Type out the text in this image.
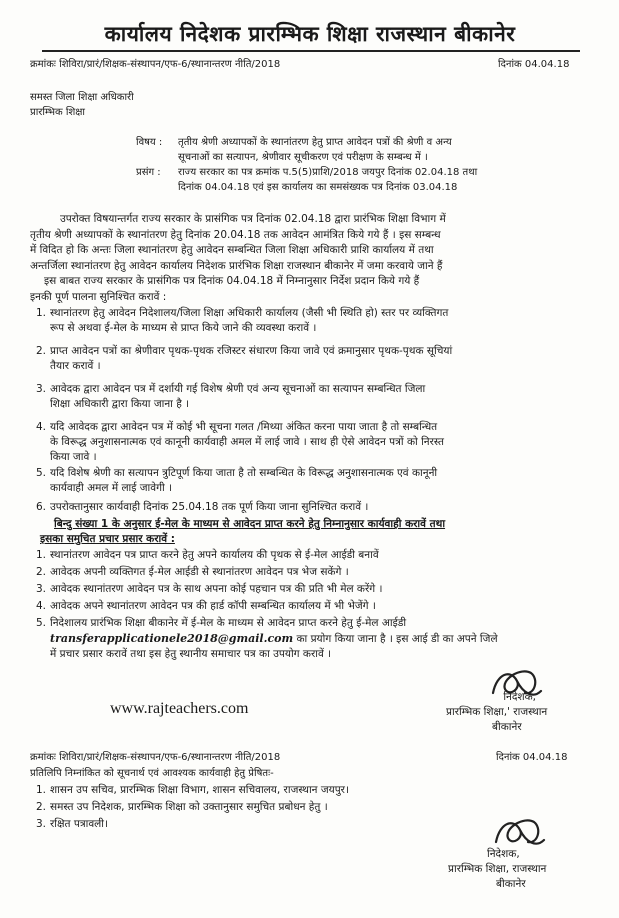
कार्यालय निदेशक प्रारम्भिक शिक्षा राजस्थान बीकानेर
क्रमांकः शिविरा/प्रारं/शिक्षक-संस्थापन/एफ-6/स्थानान्तरण नीति/2018	दिनांक 04.04.18
समस्त जिला शिक्षा अधिकारी
प्रारम्भिक शिक्षा
विषय : तृतीय श्रेणी अध्यापकों के स्थानांतरण हेतु प्राप्त आवेदन पत्रों की श्रेणी व अन्य
सूचनाओं का सत्यापन, श्रेणीवार सूचीकरण एवं परीक्षण के सम्बन्ध में ।
प्रसंग : राज्य सरकार का पत्र क्रमांक प.5(5)प्राशि/2018 जयपुर दिनांक 02.04.18 तथा
दिनांक 04.04.18 एवं इस कार्यालय का समसंख्यक पत्र दिनांक 03.04.18
उपरोक्त विषयान्तर्गत राज्य सरकार के प्रासंगिक पत्र दिनांक 02.04.18 द्वारा प्रारंभिक शिक्षा विभाग में
तृतीय श्रेणी अध्यापकों के स्थानांतरण हेतु दिनांक 20.04.18 तक आवेदन आमंत्रित किये गये हैं । इस सम्बन्ध
में विदित हो कि अन्तः जिला स्थानांतरण हेतु आवेदन सम्बन्धित जिला शिक्षा अधिकारी प्राशि कार्यालय में तथा
अन्तर्जिला स्थानांतरण हेतु आवेदन कार्यालय निदेशक प्रारंभिक शिक्षा राजस्थान बीकानेर में जमा करवाये जाने हैं
इस बाबत राज्य सरकार के प्रासंगिक पत्र दिनांक 04.04.18 में निम्नानुसार निर्देश प्रदान किये गये हैं
इनकी पूर्ण पालना सुनिश्चित करावें :
1. स्थानांतरण हेतु आवेदन निदेशालय/जिला शिक्षा अधिकारी कार्यालय (जैसी भी स्थिति हो) स्तर पर व्यक्तिगत
रूप से अथवा ई-मेल के माध्यम से प्राप्त किये जाने की व्यवस्था करावें ।
2. प्राप्त आवेदन पत्रों का श्रेणीवार पृथक-पृथक रजिस्टर संधारण किया जावे एवं क्रमानुसार पृथक-पृथक सूचियां
तैयार करावें ।
3. आवेदक द्वारा आवेदन पत्र में दर्शायी गई विशेष श्रेणी एवं अन्य सूचनाओं का सत्यापन सम्बन्धित जिला
शिक्षा अधिकारी द्वारा किया जाना है ।
4. यदि आवेदक द्वारा आवेदन पत्र में कोई भी सूचना गलत /मिथ्या अंकित करना पाया जाता है तो सम्बन्धित
के विरूद्ध अनुशासनात्मक एवं कानूनी कार्यवाही अमल में लाई जावे । साथ ही ऐसे आवेदन पत्रों को निरस्त
किया जावे ।
5. यदि विशेष श्रेणी का सत्यापन त्रुटिपूर्ण किया जाता है तो सम्बन्धित के विरूद्ध अनुशासनात्मक एवं कानूनी
कार्यवाही अमल में लाई जावेगी ।
6. उपरोक्तानुसार कार्यवाही दिनांक 25.04.18 तक पूर्ण किया जाना सुनिश्चित करावें ।
बिन्दु संख्या 1 के अनुसार ई-मेल के माध्यम से आवेदन प्राप्त करने हेतु निम्नानुसार कार्यवाही करावें तथा
इसका समुचित प्रचार प्रसार करावें :
1. स्थानांतरण आवेदन पत्र प्राप्त करने हेतु अपने कार्यालय की पृथक से ई-मेल आईडी बनावें
2. आवेदक अपनी व्यक्तिगत ई-मेल आईडी से स्थानांतरण आवेदन पत्र भेज सकेंगे ।
3. आवेदक स्थानांतरण आवेदन पत्र के साथ अपना कोई पहचान पत्र की प्रति भी मेल करेंगे ।
4. आवेदक अपने स्थानांतरण आवेदन पत्र की हार्ड कॉपी सम्बन्धित कार्यालय में भी भेजेंगे ।
5. निदेशालय प्रारंभिक शिक्षा बीकानेर में ई-मेल के माध्यम से आवेदन प्राप्त करने हेतु ई-मेल आईडी
transferapplicationele2018@gmail.com का प्रयोग किया जाना है । इस आई डी का अपने जिले
में प्रचार प्रसार करावें तथा इस हेतु स्थानीय समाचार पत्र का उपयोग करावें ।
निदेशक,
प्रारम्भिक शिक्षा,' राजस्थान
बीकानेर
www.rajteachers.com
क्रमांकः शिविरा/प्रारं/शिक्षक-संस्थापन/एफ-6/स्थानान्तरण नीति/2018	दिनांक 04.04.18
प्रतिलिपि निम्नांकित को सूचनार्थ एवं आवश्यक कार्यवाही हेतु प्रेषितः-
1. शासन उप सचिव, प्रारम्भिक शिक्षा विभाग, शासन सचिवालय, राजस्थान जयपुर।
2. समस्त उप निदेशक, प्रारम्भिक शिक्षा को उक्तानुसार समुचित प्रबोधन हेतु ।
3. रक्षित पत्रावली।
निदेशक,
प्रारम्भिक शिक्षा, राजस्थान
बीकानेर
